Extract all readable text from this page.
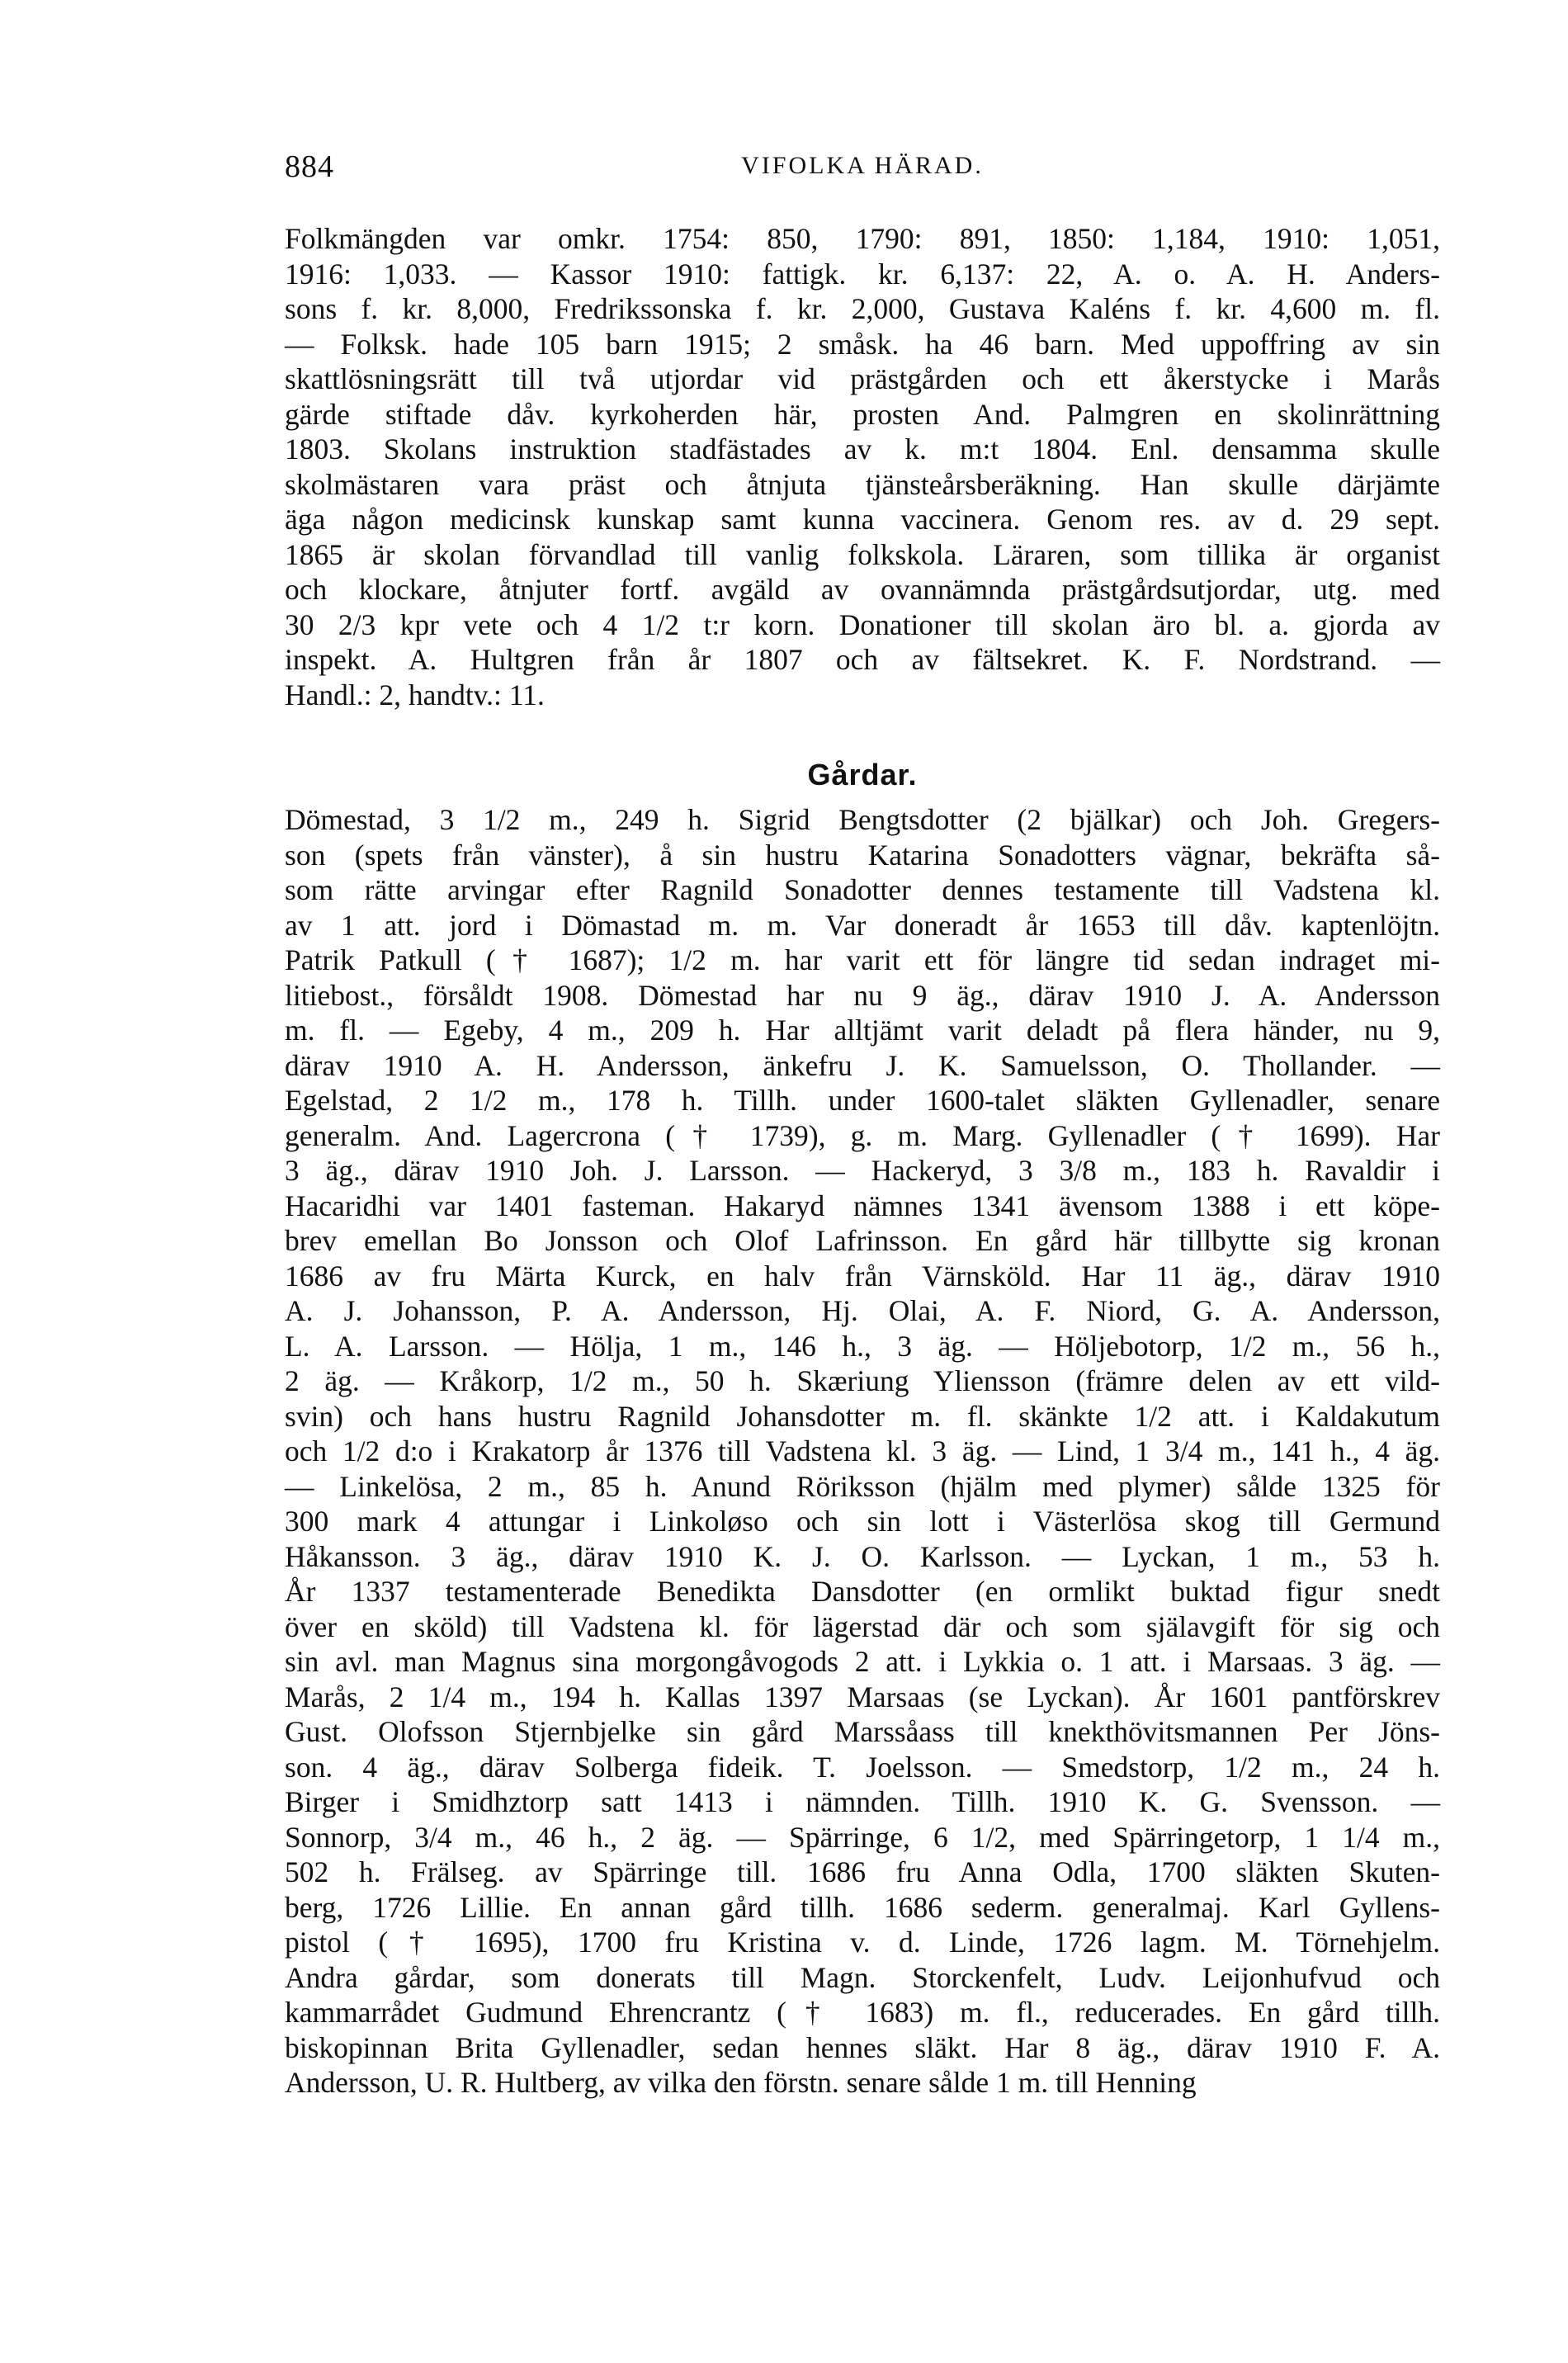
884	VIFOLKA HÄRAD.
Folkmängden var omkr. 1754: 850, 1790: 891, 1850: 1,184, 1910: 1,051,
1916: 1,033. — Kassor 1910: fattigk. kr. 6,137: 22, A. o. A. H. Anders-
sons f. kr. 8,000, Fredrikssonska f. kr. 2,000, Gustava Kaléns f. kr. 4,600 m. fl.
— Folksk. hade 105 barn 1915; 2 småsk. ha 46 barn. Med uppoffring av sin
skattlösningsrätt till två utjordar vid prästgården och ett åkerstycke i Marås
gärde stiftade dåv. kyrkoherden här, prosten And. Palmgren en skolinrättning
1803. Skolans instruktion stadfästades av k. m:t 1804. Enl. densamma skulle
skolmästaren vara präst och åtnjuta tjänsteårsberäkning. Han skulle därjämte
äga någon medicinsk kunskap samt kunna vaccinera. Genom res. av d. 29 sept.
1865 är skolan förvandlad till vanlig folkskola. Läraren, som tillika är organist
och klockare, åtnjuter fortf. avgäld av ovannämnda prästgårdsutjordar, utg. med
30 2/3 kpr vete och 4 1/2 t:r korn. Donationer till skolan äro bl. a. gjorda av
inspekt. A. Hultgren från år 1807 och av fältsekret. K. F. Nordstrand. —
Handl.: 2, handtv.: 11.
Gårdar.
Dömestad, 3 1/2 m., 249 h. Sigrid Bengtsdotter (2 bjälkar) och Joh. Gregers-
son (spets från vänster), å sin hustru Katarina Sonadotters vägnar, bekräfta så-
som rätte arvingar efter Ragnild Sonadotter dennes testamente till Vadstena kl.
av 1 att. jord i Dömastad m. m. Var doneradt år 1653 till dåv. kaptenlöjtn.
Patrik Patkull († 1687); 1/2 m. har varit ett för längre tid sedan indraget mi-
litiebost., försåldt 1908. Dömestad har nu 9 äg., därav 1910 J. A. Andersson
m. fl. — Egeby, 4 m., 209 h. Har alltjämt varit deladt på flera händer, nu 9,
därav 1910 A. H. Andersson, änkefru J. K. Samuelsson, O. Thollander. —
Egelstad, 2 1/2 m., 178 h. Tillh. under 1600-talet släkten Gyllenadler, senare
generalm. And. Lagercrona († 1739), g. m. Marg. Gyllenadler († 1699). Har
3 äg., därav 1910 Joh. J. Larsson. — Hackeryd, 3 3/8 m., 183 h. Ravaldir i
Hacaridhi var 1401 fasteman. Hakaryd nämnes 1341 ävensom 1388 i ett köpe-
brev emellan Bo Jonsson och Olof Lafrinsson. En gård här tillbytte sig kronan
1686 av fru Märta Kurck, en halv från Värnsköld. Har 11 äg., därav 1910
A. J. Johansson, P. A. Andersson, Hj. Olai, A. F. Niord, G. A. Andersson,
L. A. Larsson. — Hölja, 1 m., 146 h., 3 äg. — Höljebotorp, 1/2 m., 56 h.,
2 äg. — Kråkorp, 1/2 m., 50 h. Skæriung Yliensson (främre delen av ett vild-
svin) och hans hustru Ragnild Johansdotter m. fl. skänkte 1/2 att. i Kaldakutum
och 1/2 d:o i Krakatorp år 1376 till Vadstena kl. 3 äg. — Lind, 1 3/4 m., 141 h., 4 äg.
— Linkelösa, 2 m., 85 h. Anund Röriksson (hjälm med plymer) sålde 1325 för
300 mark 4 attungar i Linkoløso och sin lott i Västerlösa skog till Germund
Håkansson. 3 äg., därav 1910 K. J. O. Karlsson. — Lyckan, 1 m., 53 h.
År 1337 testamenterade Benedikta Dansdotter (en ormlikt buktad figur snedt
över en sköld) till Vadstena kl. för lägerstad där och som själavgift för sig och
sin avl. man Magnus sina morgongåvogods 2 att. i Lykkia o. 1 att. i Marsaas. 3 äg. —
Marås, 2 1/4 m., 194 h. Kallas 1397 Marsaas (se Lyckan). År 1601 pantförskrev
Gust. Olofsson Stjernbjelke sin gård Marssåass till knekthövitsmannen Per Jöns-
son. 4 äg., därav Solberga fideik. T. Joelsson. — Smedstorp, 1/2 m., 24 h.
Birger i Smidhztorp satt 1413 i nämnden. Tillh. 1910 K. G. Svensson. —
Sonnorp, 3/4 m., 46 h., 2 äg. — Spärringe, 6 1/2, med Spärringetorp, 1 1/4 m.,
502 h. Frälseg. av Spärringe till. 1686 fru Anna Odla, 1700 släkten Skuten-
berg, 1726 Lillie. En annan gård tillh. 1686 sederm. generalmaj. Karl Gyllens-
pistol († 1695), 1700 fru Kristina v. d. Linde, 1726 lagm. M. Törnehjelm.
Andra gårdar, som donerats till Magn. Storckenfelt, Ludv. Leijonhufvud och
kammarrådet Gudmund Ehrencrantz († 1683) m. fl., reducerades. En gård tillh.
biskopinnan Brita Gyllenadler, sedan hennes släkt. Har 8 äg., därav 1910 F. A.
Andersson, U. R. Hultberg, av vilka den förstn. senare sålde 1 m. till Henning
